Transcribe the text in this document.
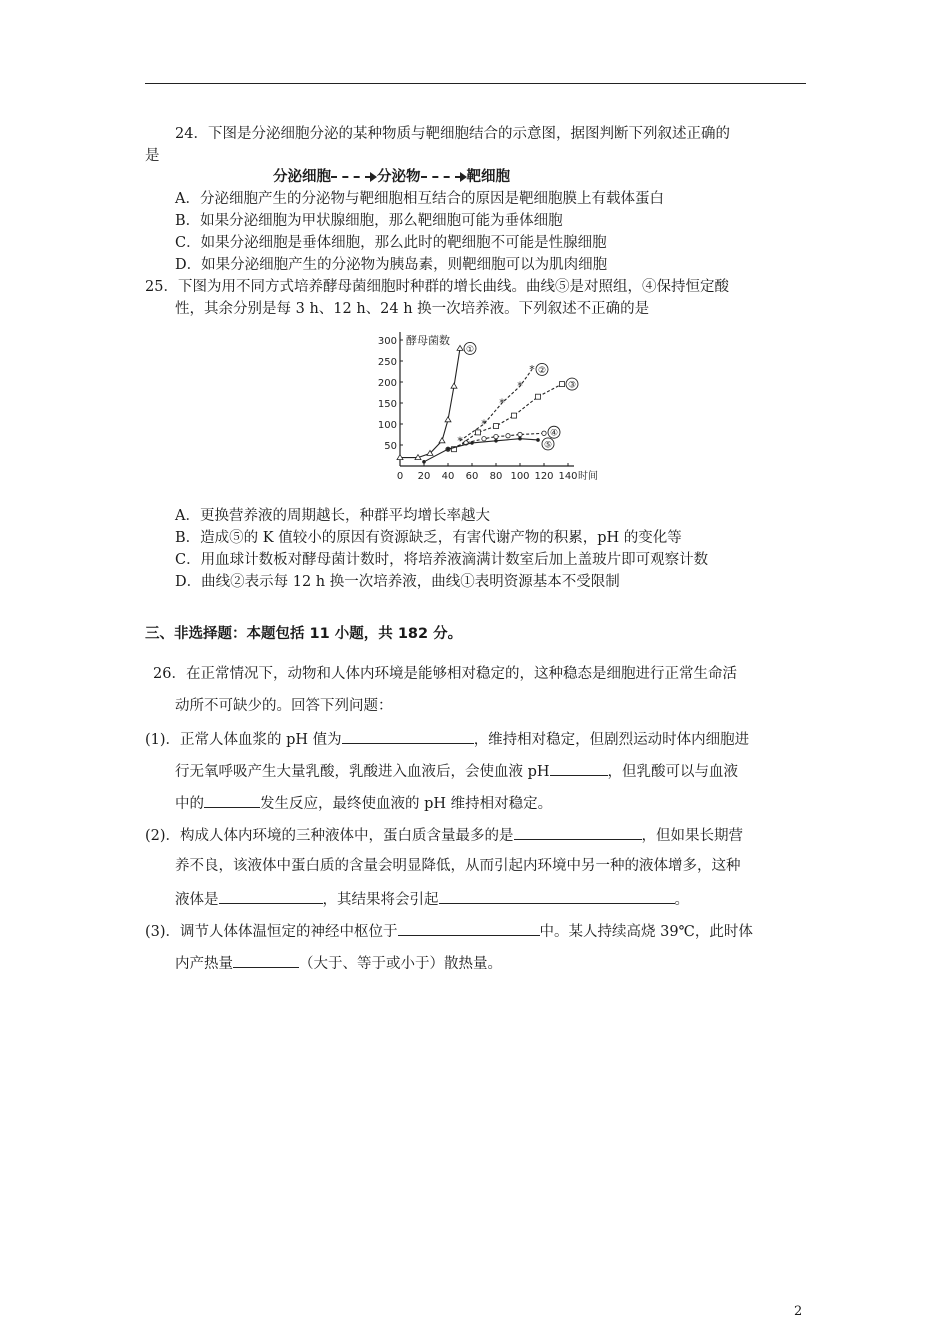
24．下图是分泌细胞分泌的某种物质与靶细胞结合的示意图，据图判断下列叙述正确的
是
分泌细胞	分泌物	靶细胞
A．分泌细胞产生的分泌物与靶细胞相互结合的原因是靶细胞膜上有载体蛋白
B．如果分泌细胞为甲状腺细胞，那么靶细胞可能为垂体细胞
C．如果分泌细胞是垂体细胞，那么此时的靶细胞不可能是性腺细胞
D．如果分泌细胞产生的分泌物为胰岛素，则靶细胞可以为肌肉细胞
25．下图为用不同方式培养酵母菌细胞时种群的增长曲线。曲线⑤是对照组，④保持恒定酸
性，其余分别是每 3 h、12 h、24 h 换一次培养液。下列叙述不正确的是
0 20 40 60 80 100 120 140 时间
50
100
150
200
250
300 酵母菌数
①
*
*
*
*
* ②
③
④
⑤
A．更换营养液的周期越长，种群平均增长率越大
B．造成⑤的 K 值较小的原因有资源缺乏，有害代谢产物的积累，pH 的变化等
C．用血球计数板对酵母菌计数时，将培养液滴满计数室后加上盖玻片即可观察计数
D．曲线②表示每 12 h 换一次培养液，曲线①表明资源基本不受限制
三、非选择题：本题包括 11 小题，共 182 分。
26．在正常情况下，动物和人体内环境是能够相对稳定的，这种稳态是细胞进行正常生命活
动所不可缺少的。回答下列问题：
(1)．正常人体血浆的 pH 值为	，维持相对稳定，但剧烈运动时体内细胞进
行无氧呼吸产生大量乳酸，乳酸进入血液后，会使血液 pH	，但乳酸可以与血液
中的	发生反应，最终使血液的 pH 维持相对稳定。
(2)．构成人体内环境的三种液体中，蛋白质含量最多的是	，但如果长期营
养不良，该液体中蛋白质的含量会明显降低，从而引起内环境中另一种的液体增多，这种
液体是	，其结果将会引起	。
(3)．调节人体体温恒定的神经中枢位于	中。某人持续高烧 39℃，此时体
内产热量	（大于、等于或小于）散热量。
2
